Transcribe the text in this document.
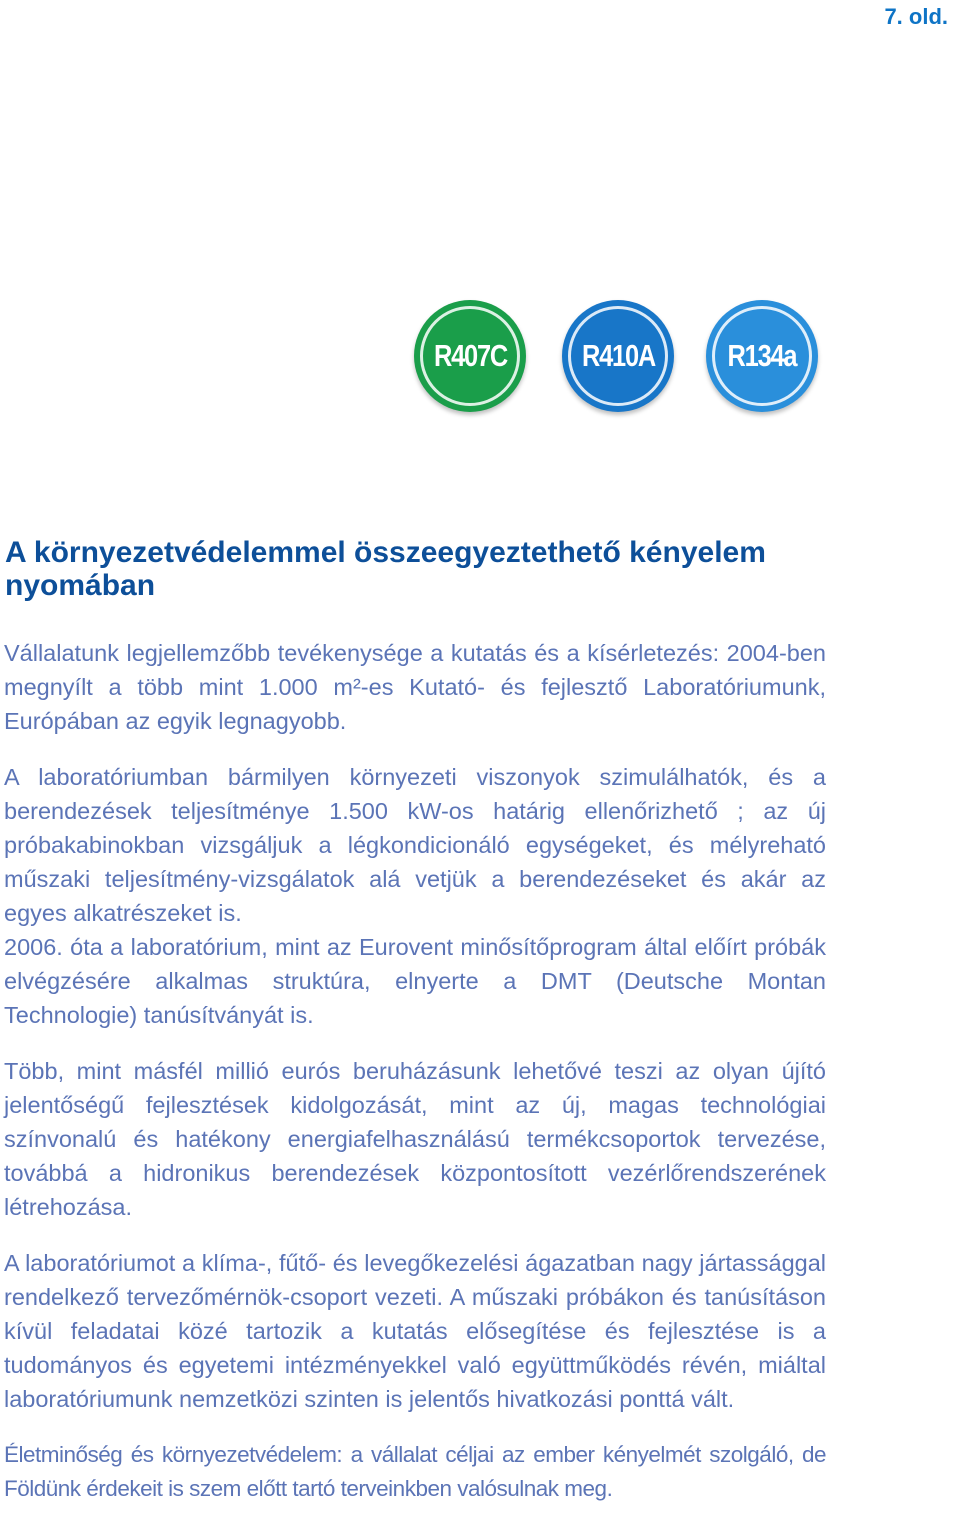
7. old.
R407C R410A R134a
A környezetvédelemmel összeegyeztethető kényelem nyomában

Vállalatunk legjellemzőbb tevékenysége a kutatás és a kísérletezés: 2004-ben megnyílt a több mint 1.000 m²-es Kutató- és fejlesztő Laboratóriumunk, Európában az egyik legnagyobb.

A laboratóriumban bármilyen környezeti viszonyok szimulálhatók, és a berendezések teljesítménye 1.500 kW-os határig ellenőrizhető ; az új próbakabinokban vizsgáljuk a légkondicionáló egységeket, és mélyreható műszaki teljesítmény-vizsgálatok alá vetjük a berendezéseket és akár az egyes alkatrészeket is.

2006. óta a laboratórium, mint az Eurovent minősítőprogram által előírt próbák elvégzésére alkalmas struktúra, elnyerte a DMT (Deutsche Montan Technologie) tanúsítványát is.

Több, mint másfél millió eurós beruházásunk lehetővé teszi az olyan újító jelentőségű fejlesztések kidolgozását, mint az új, magas technológiai színvonalú és hatékony energiafelhasználású termékcsoportok tervezése, továbbá a hidronikus berendezések központosított vezérlőrendszerének létrehozása.

A laboratóriumot a klíma-, fűtő- és levegőkezelési ágazatban nagy jártassággal rendelkező tervezőmérnök-csoport vezeti. A műszaki próbákon és tanúsításon kívül feladatai közé tartozik a kutatás elősegítése és fejlesztése is a tudományos és egyetemi intézményekkel való együttműködés révén, miáltal laboratóriumunk nemzetközi szinten is jelentős hivatkozási ponttá vált.

Életminőség és környezetvédelem: a vállalat céljai az ember kényelmét szolgáló, de Földünk érdekeit is szem előtt tartó terveinkben valósulnak meg.
